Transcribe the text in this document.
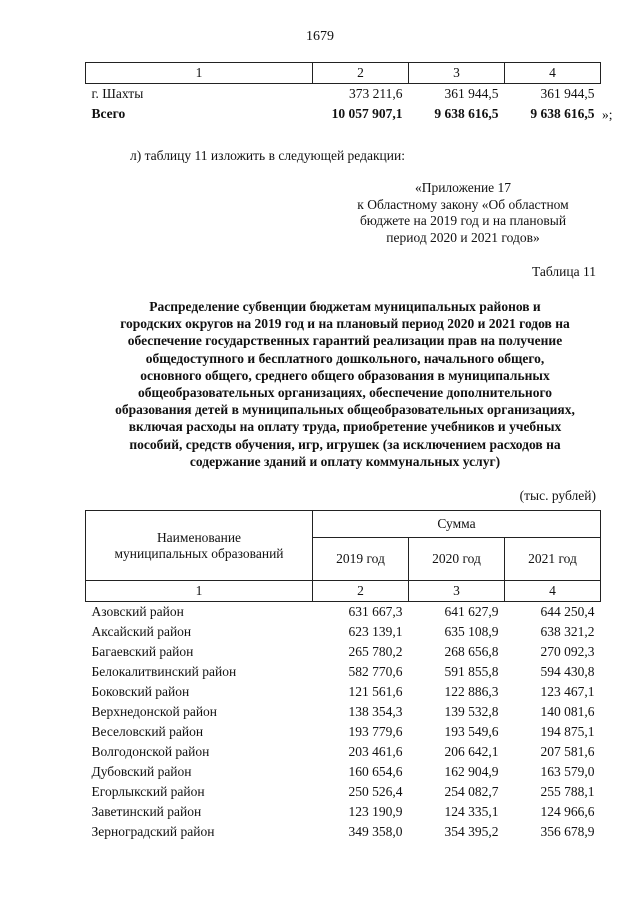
1679
1	2	3	4
г. Шахты	373 211,6	361 944,5	361 944,5
Всего	10 057 907,1	9 638 616,5	9 638 616,5 »;
л) таблицу 11 изложить в следующей редакции:
«Приложение 17
к Областному закону «Об областном
бюджете на 2019 год и на плановый
период 2020 и 2021 годов»
Таблица 11
Распределение субвенции бюджетам муниципальных районов и
городских округов на 2019 год и на плановый период 2020 и 2021 годов на
обеспечение государственных гарантий реализации прав на получение
общедоступного и бесплатного дошкольного, начального общего,
основного общего, среднего общего образования в муниципальных
общеобразовательных организациях, обеспечение дополнительного
образования детей в муниципальных общеобразовательных организациях,
включая расходы на оплату труда, приобретение учебников и учебных
пособий, средств обучения, игр, игрушек (за исключением расходов на
содержание зданий и оплату коммунальных услуг)
(тыс. рублей)
Наименование
муниципальных образований	Сумма		
	2019 год	2020 год	2021 год
1	2	3	4
Азовский район	631 667,3	641 627,9	644 250,4
Аксайский район	623 139,1	635 108,9	638 321,2
Багаевский район	265 780,2	268 656,8	270 092,3
Белокалитвинский район	582 770,6	591 855,8	594 430,8
Боковский район	121 561,6	122 886,3	123 467,1
Верхнедонской район	138 354,3	139 532,8	140 081,6
Веселовский район	193 779,6	193 549,6	194 875,1
Волгодонской район	203 461,6	206 642,1	207 581,6
Дубовский район	160 654,6	162 904,9	163 579,0
Егорлыкский район	250 526,4	254 082,7	255 788,1
Заветинский район	123 190,9	124 335,1	124 966,6
Зерноградский район	349 358,0	354 395,2	356 678,9
